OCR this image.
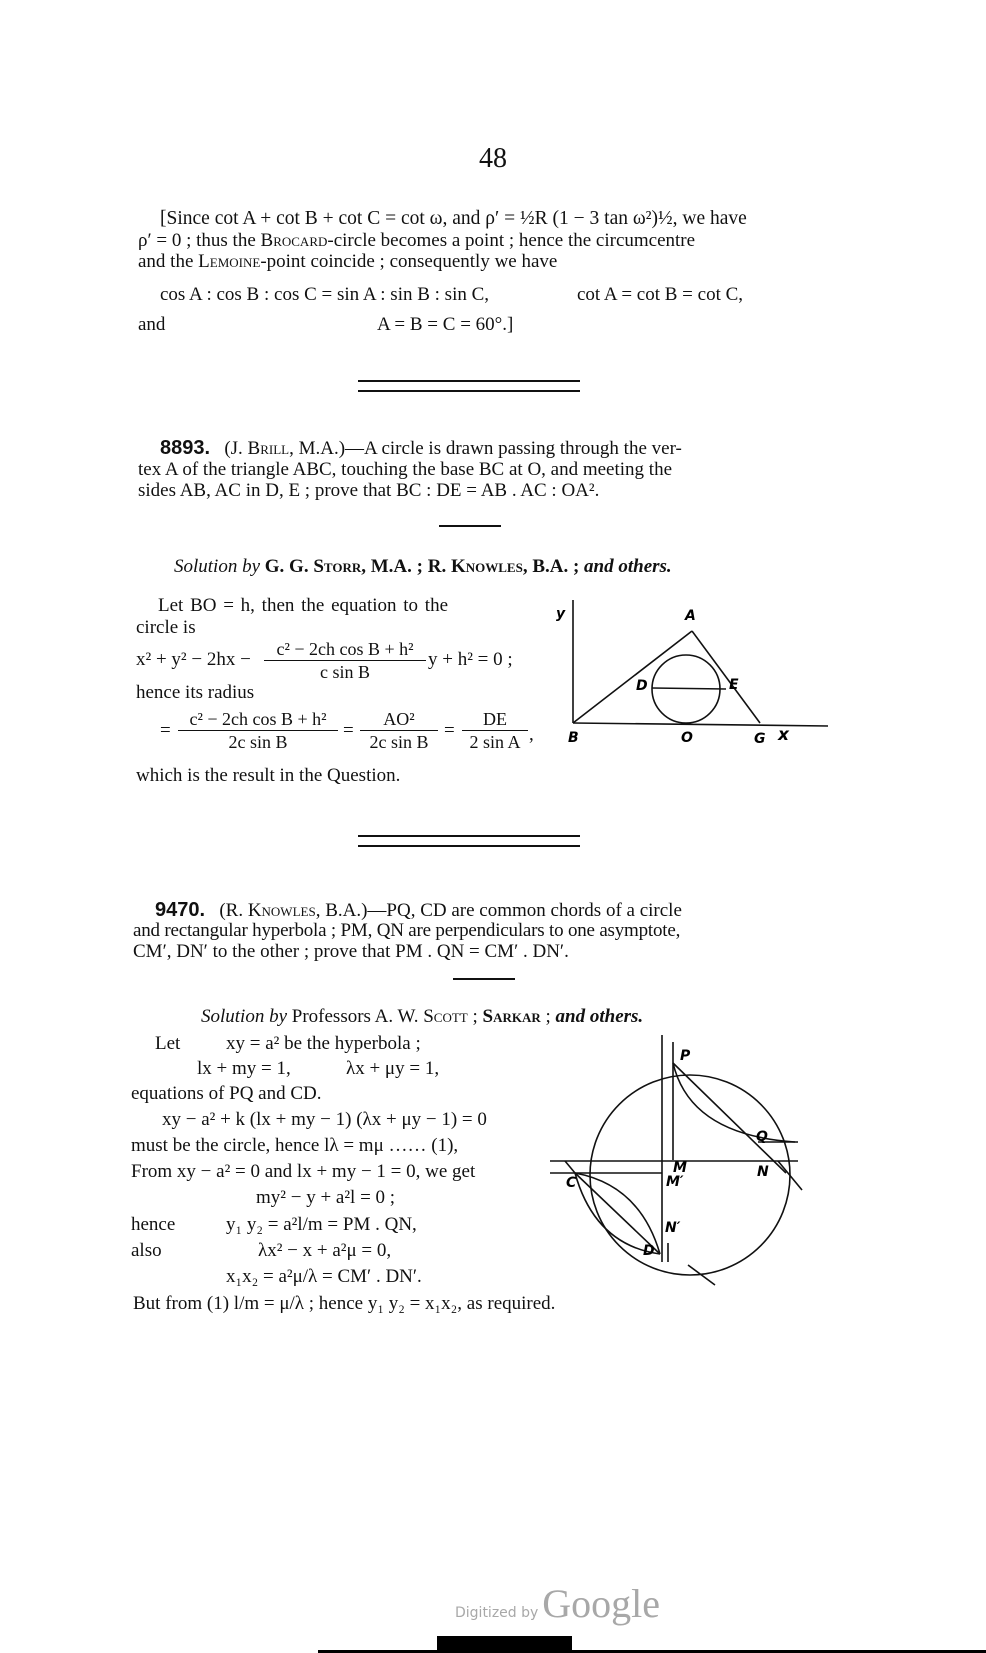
48
[Since cot A + cot B + cot C = cot ω, and ρ′ = ½R (1 − 3 tan ω²)½, we have
ρ′ = 0 ; thus the Brocard-circle becomes a point ; hence the circumcentre
and the Lemoine-point coincide ; consequently we have
cos A : cos B : cos C = sin A : sin B : sin C,	cot A = cot B = cot C,
and	A = B = C = 60°.]
8893. (J. Brill, M.A.)—A circle is drawn passing through the ver-
tex A of the triangle ABC, touching the base BC at O, and meeting the
sides AB, AC in D, E ; prove that BC : DE = AB . AC : OA².
Solution by G. G. Storr, M.A. ; R. Knowles, B.A. ; and others.
Let BO = h, then the equation to the
circle is
$x^2 + y^2 - 2hx - \frac{\text{c² − 2ch cos B + h²}}{\text{c sin B}}$ y + h² = 0 ;
hence its radius
= $\frac{\text{c² − 2ch cos B + h²}}{\text{2c sin B}} = \frac{\text{AO²}}{\text{2c sin B}} = \frac{DE}{\text{2 sin A}}$ ,
which is the result in the Question.
y	A
D	E
B	O	G x
9470. (R. Knowles, B.A.)—PQ, CD are common chords of a circle
and rectangular hyperbola ; PM, QN are perpendiculars to one asymptote,
CM′, DN′ to the other ; prove that PM . QN = CM′ . DN′.
Solution by Professors A. W. Scott ; Sarkar ; and others.
Let xy = a² be the hyperbola ;
lx + my = 1,	λx + μy = 1,
equations of PQ and CD.
xy − a² + k (lx + my − 1) (λx + μy − 1) = 0
must be the circle, hence lλ = mμ …… (1),
From xy − a² = 0 and lx + my − 1 = 0, we get
my² − y + a²l = 0 ;
hence	y₁ y₂ = a²l/m = PM . QN,
also	λx² − x + a²μ = 0,
x₁x₂ = a²μ/λ = CM′ . DN′.
But from (1) l/m = μ/λ ; hence y₁ y₂ = x₁x₂, as required.
P
Q
M	N
C	M′
N′
D
Digitized by Google
